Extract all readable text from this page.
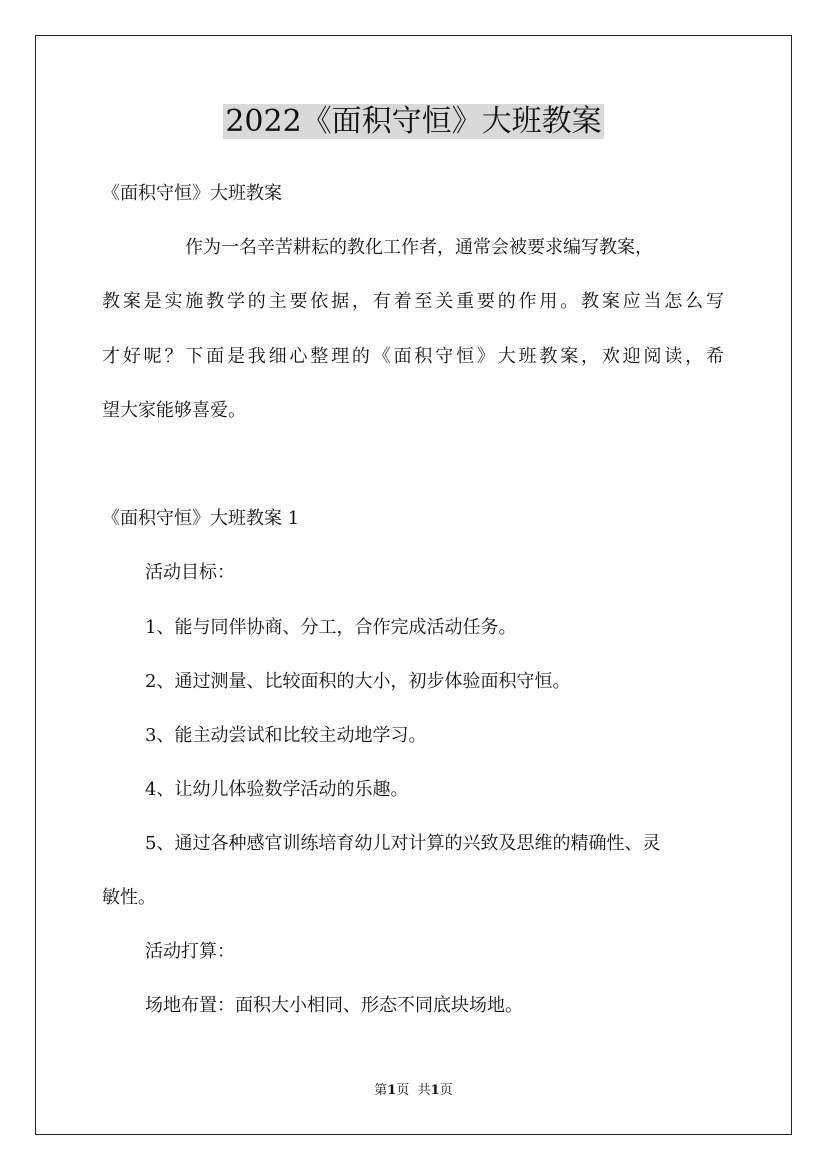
2022《面积守恒》大班教案
《面积守恒》大班教案
作为一名辛苦耕耘的教化工作者，通常会被要求编写教案，
教案是实施教学的主要依据，有着至关重要的作用。教案应当怎么写
才好呢？下面是我细心整理的《面积守恒》大班教案，欢迎阅读，希
望大家能够喜爱。
《面积守恒》大班教案 1
活动目标：
1、能与同伴协商、分工，合作完成活动任务。
2、通过测量、比较面积的大小，初步体验面积守恒。
3、能主动尝试和比较主动地学习。
4、让幼儿体验数学活动的乐趣。
5、通过各种感官训练培育幼儿对计算的兴致及思维的精确性、灵
敏性。
活动打算：
场地布置：面积大小相同、形态不同底块场地。
第1页 共1页
